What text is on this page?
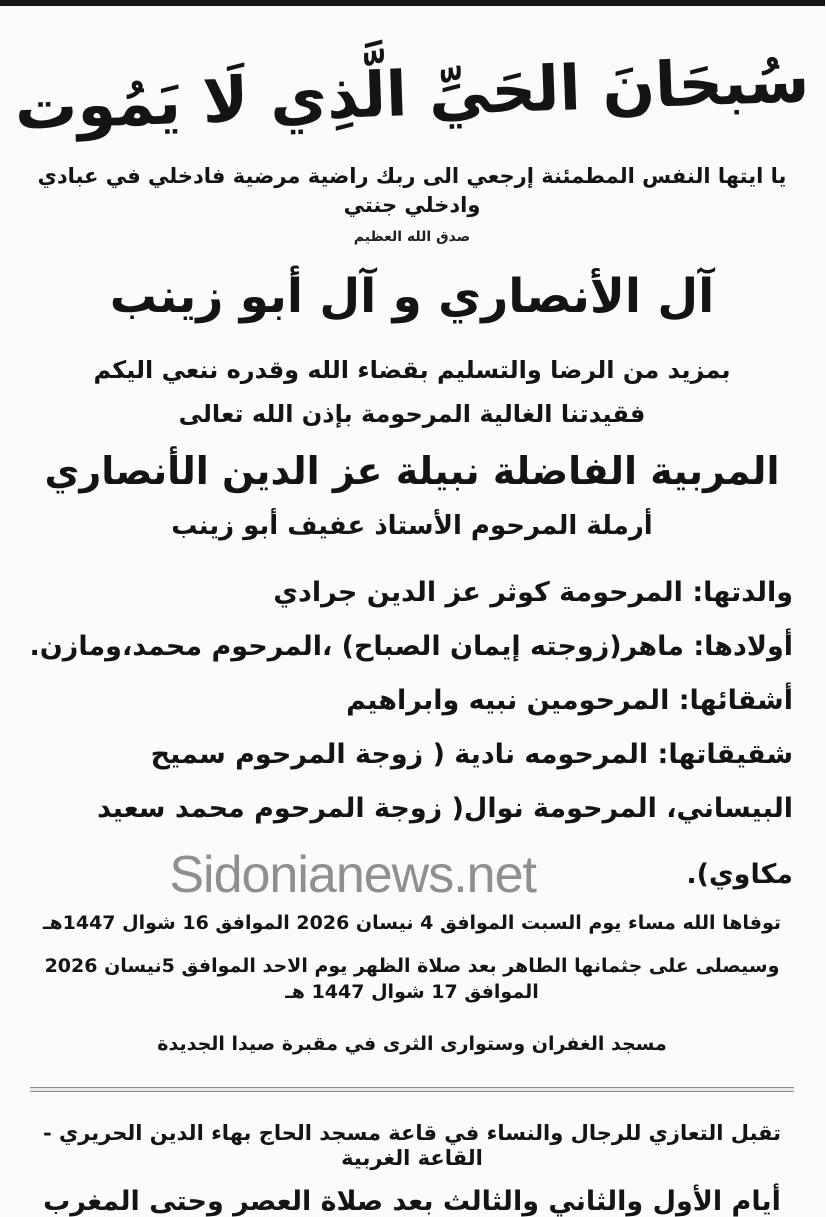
سُبحَانَ الحَيِّ الَّذِي لَا يَمُوت
يا ايتها النفس المطمئنة إرجعي الى ربك راضية مرضية فادخلي في عبادي وادخلي جنتي
صدق الله العظيم
آل الأنصاري و آل أبو زينب
بمزيد من الرضا والتسليم بقضاء الله وقدره ننعي اليكم
فقيدتنا الغالية المرحومة بإذن الله تعالى
المربية الفاضلة نبيلة عز الدين الأنصاري
أرملة المرحوم الأستاذ عفيف أبو زينب
والدتها: المرحومة كوثر عز الدين جرادي
أولادها: ماهر(زوجته إيمان الصباح) ،المرحوم محمد،ومازن.
أشقائها: المرحومين نبيه وابراهيم
شقيقاتها: المرحومه نادية ( زوجة المرحوم سميح
البيساني، المرحومة نوال( زوجة المرحوم محمد سعيد
مكاوي).
Sidonianews.net
توفاها الله مساء يوم السبت الموافق 4 نيسان 2026 الموافق 16 شوال 1447هـ
وسيصلى على جثمانها الطاهر بعد صلاة الظهر يوم الاحد الموافق 5نيسان 2026 الموافق 17 شوال 1447 هـ
مسجد الغفران وستوارى الثرى في مقبرة صيدا الجديدة
تقبل التعازي للرجال والنساء في قاعة مسجد الحاج بهاء الدين الحريري - القاعة الغربية
أيام الأول والثاني والثالث بعد صلاة العصر وحتى المغرب
